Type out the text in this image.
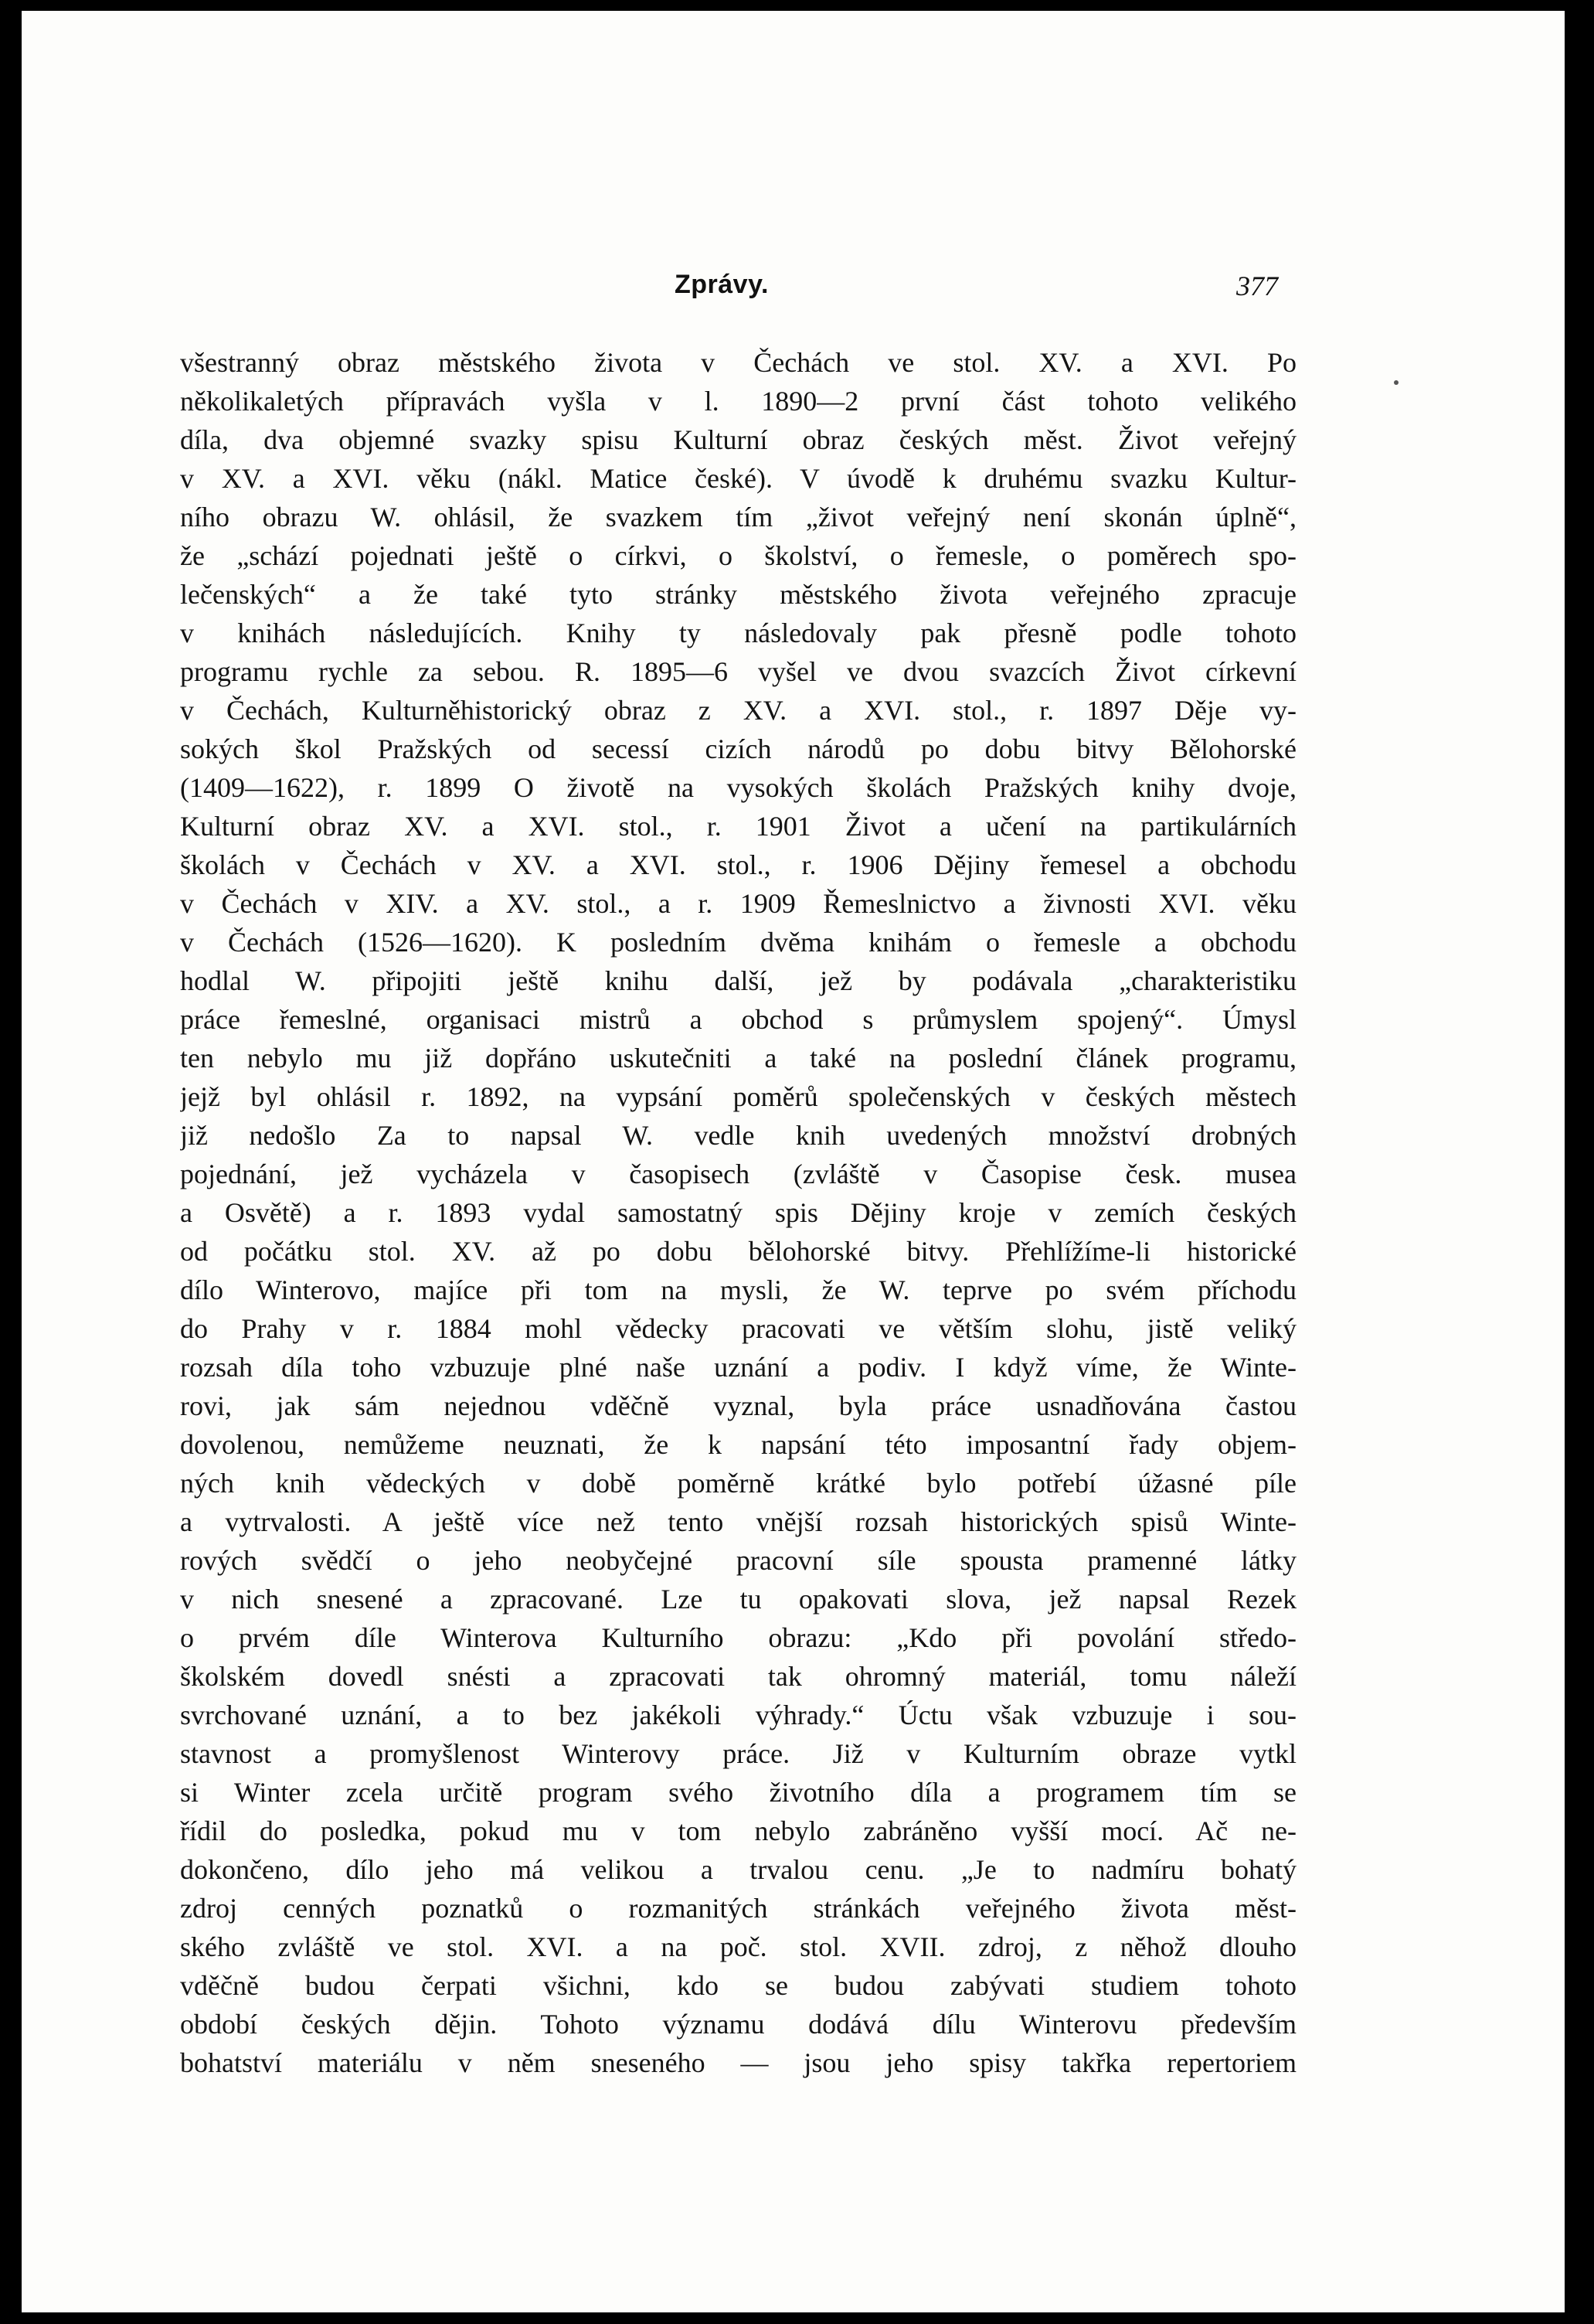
Zprávy.	377
všestranný obraz městského života v Čechách ve stol. XV. a XVI. Po
několikaletých přípravách vyšla v l. 1890—2 první část tohoto velikého
díla, dva objemné svazky spisu Kulturní obraz českých měst. Život veřejný
v XV. a XVI. věku (nákl. Matice české). V úvodě k druhému svazku Kultur-
ního obrazu W. ohlásil, že svazkem tím „život veřejný není skonán úplně“,
že „schází pojednati ještě o církvi, o školství, o řemesle, o poměrech spo-
lečenských“ a že také tyto stránky městského života veřejného zpracuje
v knihách následujících. Knihy ty následovaly pak přesně podle tohoto
programu rychle za sebou. R. 1895—6 vyšel ve dvou svazcích Život církevní
v Čechách, Kulturněhistorický obraz z XV. a XVI. stol., r. 1897 Děje vy-
sokých škol Pražských od secessí cizích národů po dobu bitvy Bělohorské
(1409—1622), r. 1899 O životě na vysokých školách Pražských knihy dvoje,
Kulturní obraz XV. a XVI. stol., r. 1901 Život a učení na partikulárních
školách v Čechách v XV. a XVI. stol., r. 1906 Dějiny řemesel a obchodu
v Čechách v XIV. a XV. stol., a r. 1909 Řemeslnictvo a živnosti XVI. věku
v Čechách (1526—1620). K posledním dvěma knihám o řemesle a obchodu
hodlal W. připojiti ještě knihu další, jež by podávala „charakteristiku
práce řemeslné, organisaci mistrů a obchod s průmyslem spojený“. Úmysl
ten nebylo mu již dopřáno uskutečniti a také na poslední článek programu,
jejž byl ohlásil r. 1892, na vypsání poměrů společenských v českých městech
již nedošlo Za to napsal W. vedle knih uvedených množství drobných
pojednání, jež vycházela v časopisech (zvláště v Časopise česk. musea
a Osvětě) a r. 1893 vydal samostatný spis Dějiny kroje v zemích českých
od počátku stol. XV. až po dobu bělohorské bitvy. Přehlížíme-li historické
dílo Winterovo, majíce při tom na mysli, že W. teprve po svém příchodu
do Prahy v r. 1884 mohl vědecky pracovati ve větším slohu, jistě veliký
rozsah díla toho vzbuzuje plné naše uznání a podiv. I když víme, že Winte-
rovi, jak sám nejednou vděčně vyznal, byla práce usnadňována častou
dovolenou, nemůžeme neuznati, že k napsání této imposantní řady objem-
ných knih vědeckých v době poměrně krátké bylo potřebí úžasné píle
a vytrvalosti. A ještě více než tento vnější rozsah historických spisů Winte-
rových svědčí o jeho neobyčejné pracovní síle spousta pramenné látky
v nich snesené a zpracované. Lze tu opakovati slova, jež napsal Rezek
o prvém díle Winterova Kulturního obrazu: „Kdo při povolání středo-
školském dovedl snésti a zpracovati tak ohromný materiál, tomu náleží
svrchované uznání, a to bez jakékoli výhrady.“ Úctu však vzbuzuje i sou-
stavnost a promyšlenost Winterovy práce. Již v Kulturním obraze vytkl
si Winter zcela určitě program svého životního díla a programem tím se
řídil do posledka, pokud mu v tom nebylo zabráněno vyšší mocí. Ač ne-
dokončeno, dílo jeho má velikou a trvalou cenu. „Je to nadmíru bohatý
zdroj cenných poznatků o rozmanitých stránkách veřejného života měst-
ského zvláště ve stol. XVI. a na poč. stol. XVII. zdroj, z něhož dlouho
vděčně budou čerpati všichni, kdo se budou zabývati studiem tohoto
období českých dějin. Tohoto významu dodává dílu Winterovu především
bohatství materiálu v něm sneseného — jsou jeho spisy takřka repertoriem
